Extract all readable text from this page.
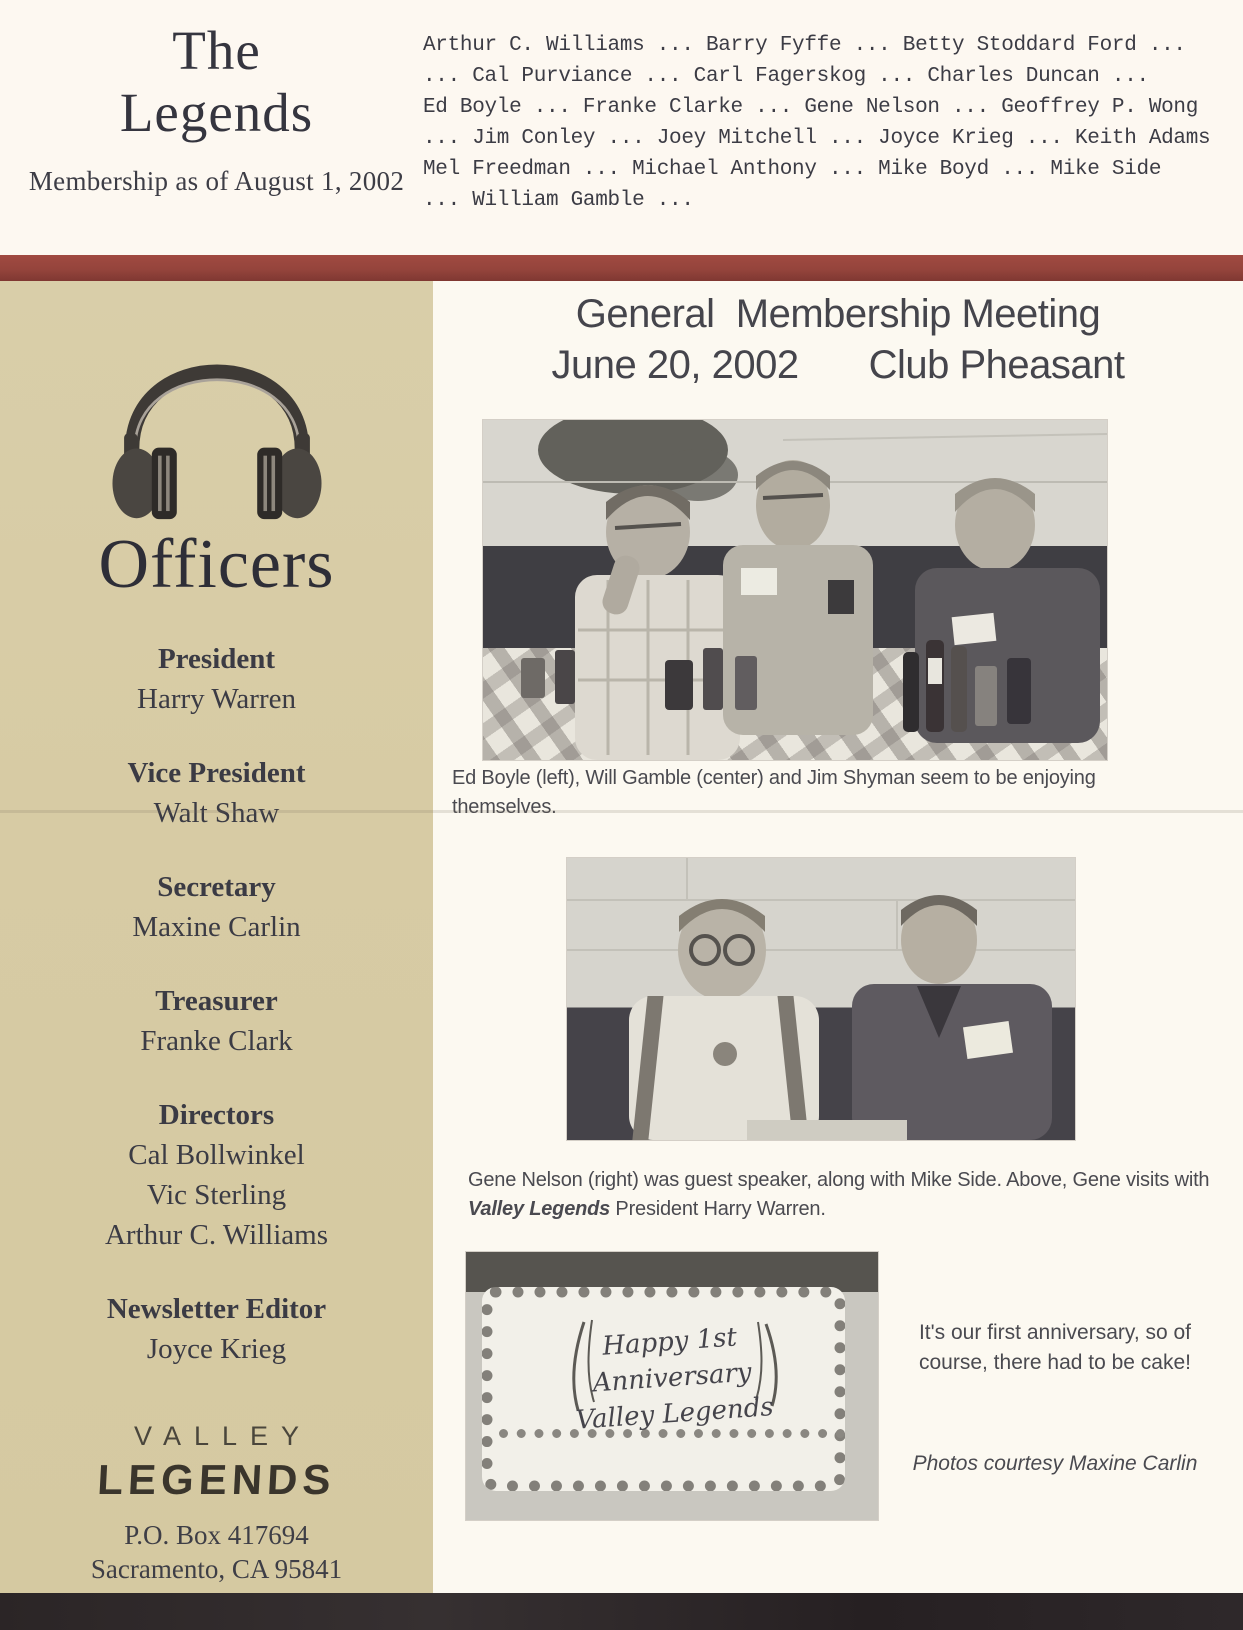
The
Legends
Membership as of August 1, 2002
Arthur C. Williams ... Barry Fyffe ... Betty Stoddard Ford ...
... Cal Purviance ... Carl Fagerskog ... Charles Duncan ...
Ed Boyle ... Franke Clarke ... Gene Nelson ... Geoffrey P. Wong
... Jim Conley ... Joey Mitchell ... Joyce Krieg ... Keith Adams
Mel Freedman ... Michael Anthony ... Mike Boyd ... Mike Side
... William Gamble ...
Officers
President
Harry Warren
Vice President
Walt Shaw
Secretary
Maxine Carlin
Treasurer
Franke Clark
Directors
Cal Bollwinkel
Vic Sterling
Arthur C. Williams
Newsletter Editor
Joyce Krieg
VALLEY
LEGENDS
P.O. Box 417694
Sacramento, CA 95841
General  Membership Meeting
June 20, 2002 Club Pheasant
Ed Boyle (left), Will Gamble (center) and Jim Shyman seem to be enjoying themselves.
Gene Nelson (right) was guest speaker, along with Mike Side. Above, Gene visits with Valley Legends President Harry Warren.
Happy 1st
Anniversary
Valley Legends
It's our first anniversary, so of
course, there had to be cake!
Photos courtesy Maxine Carlin
